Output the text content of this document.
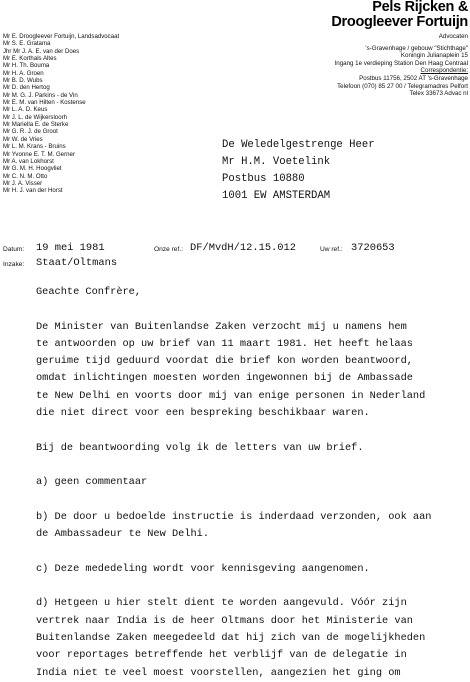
Pels Rijcken &
Droogleever Fortuijn
Advocaten
's-Gravenhage / gebouw "Stichthage"
Koningin Julianaplein 15
Ingang 1e verdieping Station Den Haag Centraal
Correspondentie:
Postbus 11756, 2502 AT 's-Gravenhage
Telefoon (070) 85 27 00 / Telegramadres Pelfort
Telex 33673 Advac nl
Mr E. Droogleever Fortuijn, Landsadvocaat
Mr S. E. Gratama
Jhr Mr J. A. E. van der Does
Mr E. Korthals Altes
Mr H. Th. Bouma
Mr H. A. Groen
Mr B. D. Wubs
Mr D. den Hertog
Mr M. G. J. Parkins - de Vin
Mr E. M. van Hilten - Kostense
Mr L. A. D. Keus
Mr J. L. de Wijkersloorh
Mr Mariella E. de Sterke
Mr G. R. J. de Groot
Mr W. de Vries
Mr L. M. Krans - Bruins
Mr Yvonne E. T. M. Gerner
Mr A. van Lokhorst
Mr G. M. H. Hoogvliet
Mr C. N. M. Otto
Mr J. A. Visser
Mr H. J. van der Horst
De Weledelgestrenge Heer
Mr H.M. Voetelink
Postbus 10880
1001 EW AMSTERDAM
Datum: 19 mei 1981	Onze ref.: DF/MvdH/12.15.012	Uw ref.: 3720653
Inzake: Staat/Oltmans
Geachte Confrère,
De Minister van Buitenlandse Zaken verzocht mij u namens hem
te antwoorden op uw brief van 11 maart 1981. Het heeft helaas
geruime tijd geduurd voordat die brief kon worden beantwoord,
omdat inlichtingen moesten worden ingewonnen bij de Ambassade
te New Delhi en voorts door mij van enige personen in Nederland
die niet direct voor een bespreking beschikbaar waren.
Bij de beantwoording volg ik de letters van uw brief.
a) geen commentaar
b) De door u bedoelde instructie is inderdaad verzonden, ook aan
de Ambassadeur te New Delhi.
c) Deze mededeling wordt voor kennisgeving aangenomen.
d) Hetgeen u hier stelt dient te worden aangevuld. Vóór zijn
vertrek naar India is de heer Oltmans door het Ministerie van
Buitenlandse Zaken meegedeeld dat hij zich van de mogelijkheden
voor reportages betreffende het verblijf van de delegatie in
India niet te veel moest voorstellen, aangezien het ging om
